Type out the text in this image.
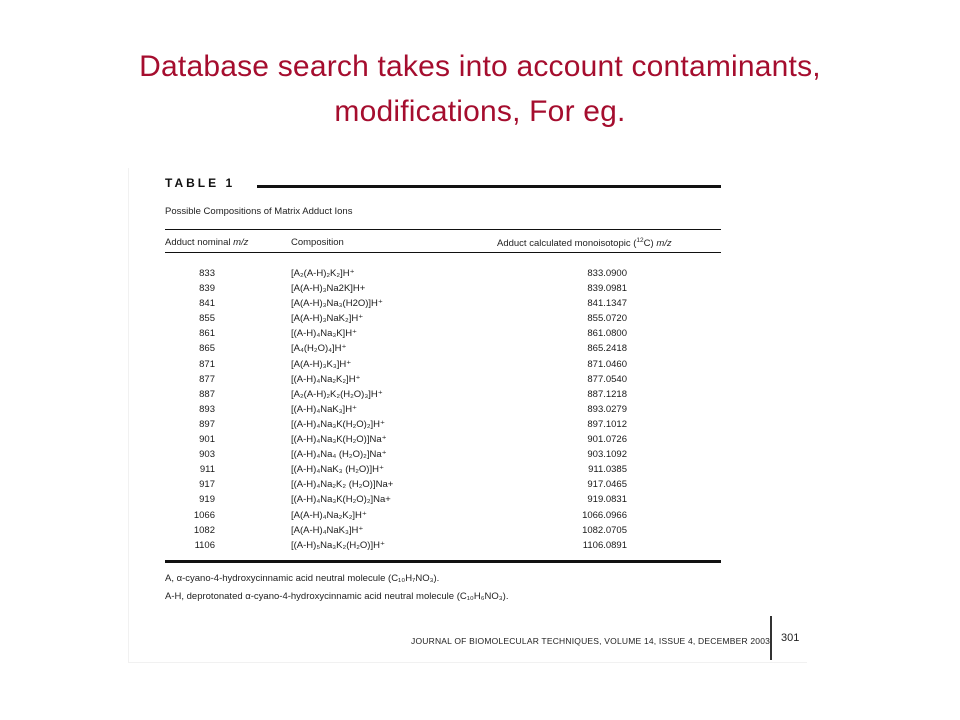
Database search takes into account contaminants,
modifications, For eg.
TABLE 1
Possible Compositions of Matrix Adduct Ions
Adduct nominal m/z	Composition	Adduct calculated monoisotopic ($^{12}$C) m/z
833	[A₂(A-H)₂K₂]H⁺	833.0900
839	[A(A-H)₃Na2K]H+	839.0981
841	[A(A-H)₃Na₃(H2O)]H⁺	841.1347
855	[A(A-H)₃NaK₂]H⁺	855.0720
861	[(A-H)₄Na₃K]H⁺	861.0800
865	[A₄(H₂O)₄]H⁺	865.2418
871	[A(A-H)₃K₃]H⁺	871.0460
877	[(A-H)₄Na₂K₂]H⁺	877.0540
887	[A₂(A-H)₂K₂(H₂O)₃]H⁺	887.1218
893	[(A-H)₄NaK₃]H⁺	893.0279
897	[(A-H)₄Na₃K(H₂O)₂]H⁺	897.1012
901	[(A-H)₄Na₃K(H₂O)]Na⁺	901.0726
903	[(A-H)₄Na₄ (H₂O)₂]Na⁺	903.1092
911	[(A-H)₄NaK₃ (H₂O)]H⁺	911.0385
917	[(A-H)₄Na₂K₂ (H₂O)]Na+	917.0465
919	[(A-H)₄Na₃K(H₂O)₂]Na+	919.0831
1066	[A(A-H)₄Na₂K₂]H⁺	1066.0966
1082	[A(A-H)₄NaK₃]H⁺	1082.0705
1106	[(A-H)₅Na₃K₂(H₂O)]H⁺	1106.0891
A, α-cyano-4-hydroxycinnamic acid neutral molecule (C₁₀H₇NO₃).
A-H, deprotonated α-cyano-4-hydroxycinnamic acid neutral molecule (C₁₀H₆NO₃).
JOURNAL OF BIOMOLECULAR TECHNIQUES, VOLUME 14, ISSUE 4, DECEMBER 2003 301
